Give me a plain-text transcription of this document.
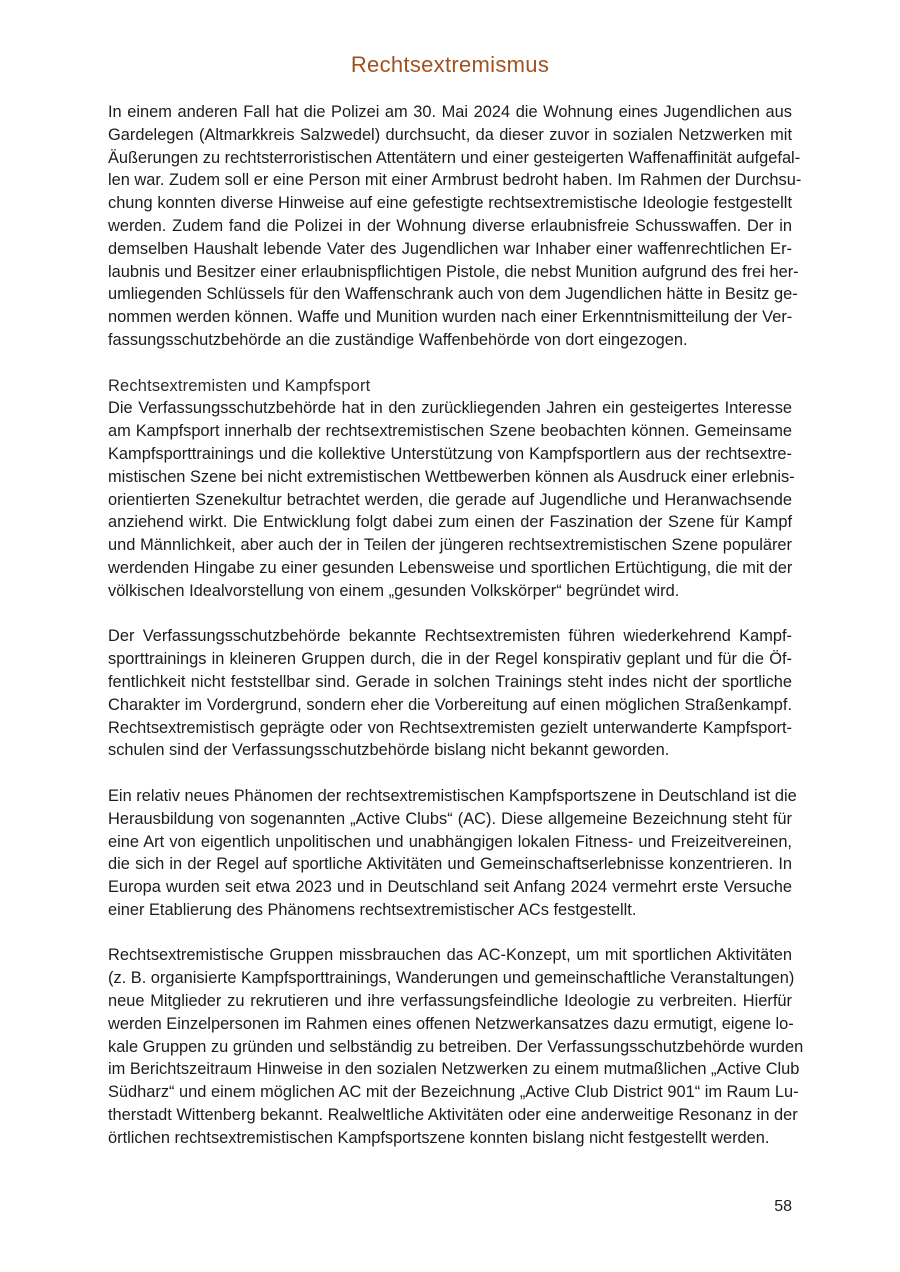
Rechtsextremismus
In einem anderen Fall hat die Polizei am 30. Mai 2024 die Wohnung eines Jugendlichen aus
Gardelegen (Altmarkkreis Salzwedel) durchsucht, da dieser zuvor in sozialen Netzwerken mit
Äußerungen zu rechtsterroristischen Attentätern und einer gesteigerten Waffenaffinität aufgefal-
len war. Zudem soll er eine Person mit einer Armbrust bedroht haben. Im Rahmen der Durchsu-
chung konnten diverse Hinweise auf eine gefestigte rechtsextremistische Ideologie festgestellt
werden. Zudem fand die Polizei in der Wohnung diverse erlaubnisfreie Schusswaffen. Der in
demselben Haushalt lebende Vater des Jugendlichen war Inhaber einer waffenrechtlichen Er-
laubnis und Besitzer einer erlaubnispflichtigen Pistole, die nebst Munition aufgrund des frei her-
umliegenden Schlüssels für den Waffenschrank auch von dem Jugendlichen hätte in Besitz ge-
nommen werden können. Waffe und Munition wurden nach einer Erkenntnismitteilung der Ver-
fassungsschutzbehörde an die zuständige Waffenbehörde von dort eingezogen.
Rechtsextremisten und Kampfsport
Die Verfassungsschutzbehörde hat in den zurückliegenden Jahren ein gesteigertes Interesse
am Kampfsport innerhalb der rechtsextremistischen Szene beobachten können. Gemeinsame
Kampfsporttrainings und die kollektive Unterstützung von Kampfsportlern aus der rechtsextre-
mistischen Szene bei nicht extremistischen Wettbewerben können als Ausdruck einer erlebnis-
orientierten Szenekultur betrachtet werden, die gerade auf Jugendliche und Heranwachsende
anziehend wirkt. Die Entwicklung folgt dabei zum einen der Faszination der Szene für Kampf
und Männlichkeit, aber auch der in Teilen der jüngeren rechtsextremistischen Szene populärer
werdenden Hingabe zu einer gesunden Lebensweise und sportlichen Ertüchtigung, die mit der
völkischen Idealvorstellung von einem „gesunden Volkskörper“ begründet wird.
Der Verfassungsschutzbehörde bekannte Rechtsextremisten führen wiederkehrend Kampf-
sporttrainings in kleineren Gruppen durch, die in der Regel konspirativ geplant und für die Öf-
fentlichkeit nicht feststellbar sind. Gerade in solchen Trainings steht indes nicht der sportliche
Charakter im Vordergrund, sondern eher die Vorbereitung auf einen möglichen Straßenkampf.
Rechtsextremistisch geprägte oder von Rechtsextremisten gezielt unterwanderte Kampfsport-
schulen sind der Verfassungsschutzbehörde bislang nicht bekannt geworden.
Ein relativ neues Phänomen der rechtsextremistischen Kampfsportszene in Deutschland ist die
Herausbildung von sogenannten „Active Clubs“ (AC). Diese allgemeine Bezeichnung steht für
eine Art von eigentlich unpolitischen und unabhängigen lokalen Fitness- und Freizeitvereinen,
die sich in der Regel auf sportliche Aktivitäten und Gemeinschaftserlebnisse konzentrieren. In
Europa wurden seit etwa 2023 und in Deutschland seit Anfang 2024 vermehrt erste Versuche
einer Etablierung des Phänomens rechtsextremistischer ACs festgestellt.
Rechtsextremistische Gruppen missbrauchen das AC-Konzept, um mit sportlichen Aktivitäten
(z. B. organisierte Kampfsporttrainings, Wanderungen und gemeinschaftliche Veranstaltungen)
neue Mitglieder zu rekrutieren und ihre verfassungsfeindliche Ideologie zu verbreiten. Hierfür
werden Einzelpersonen im Rahmen eines offenen Netzwerkansatzes dazu ermutigt, eigene lo-
kale Gruppen zu gründen und selbständig zu betreiben. Der Verfassungsschutzbehörde wurden
im Berichtszeitraum Hinweise in den sozialen Netzwerken zu einem mutmaßlichen „Active Club
Südharz“ und einem möglichen AC mit der Bezeichnung „Active Club District 901“ im Raum Lu-
therstadt Wittenberg bekannt. Realweltliche Aktivitäten oder eine anderweitige Resonanz in der
örtlichen rechtsextremistischen Kampfsportszene konnten bislang nicht festgestellt werden.
58
